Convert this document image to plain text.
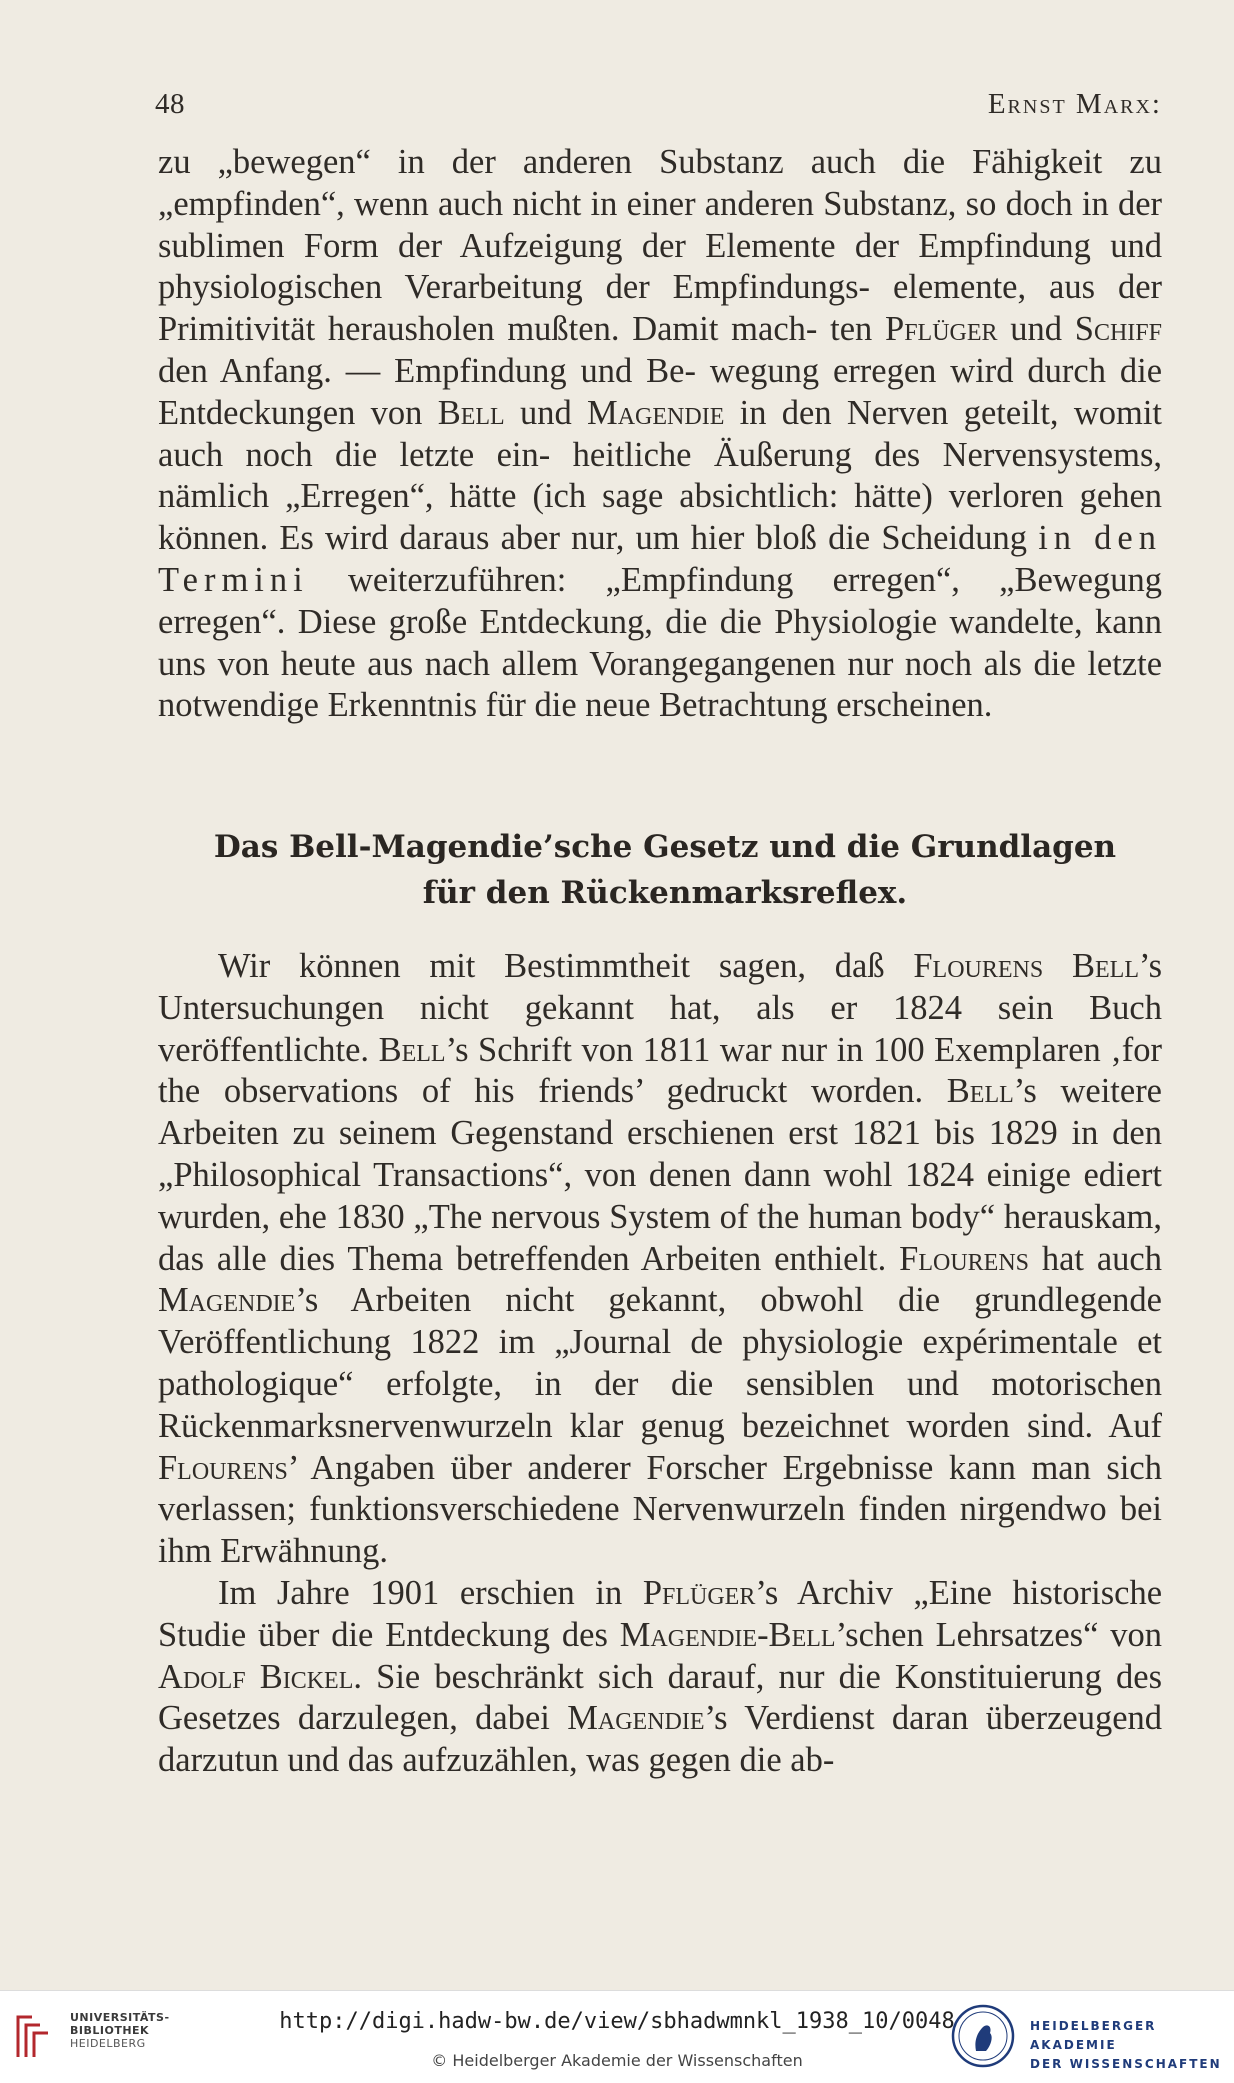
48	Ernst Marx:

zu „bewegen“ in der anderen Substanz auch die Fähigkeit zu „empfinden“, wenn auch nicht in einer anderen Substanz, so doch in der sublimen Form der Aufzeigung der Elemente der Empfindung und physiologischen Verarbeitung der Empfindungs- elemente, aus der Primitivität herausholen mußten. Damit mach- ten Pflüger und Schiff den Anfang. — Empfindung und Be- wegung erregen wird durch die Entdeckungen von Bell und Magendie in den Nerven geteilt, womit auch noch die letzte ein- heitliche Äußerung des Nervensystems, nämlich „Erregen“, hätte (ich sage absichtlich: hätte) verloren gehen können. Es wird daraus aber nur, um hier bloß die Scheidung in den Termini weiterzuführen: „Empfindung erregen“, „Bewegung erregen“. Diese große Entdeckung, die die Physiologie wandelte, kann uns von heute aus nach allem Vorangegangenen nur noch als die letzte notwendige Erkenntnis für die neue Betrachtung erscheinen.

Das Bell-Magendie’sche Gesetz und die Grundlagen
für den Rückenmarksreflex.

Wir können mit Bestimmtheit sagen, daß Flourens Bell’s Untersuchungen nicht gekannt hat, als er 1824 sein Buch veröffentlichte. Bell’s Schrift von 1811 war nur in 100 Exemplaren ‚for the observations of his friends’ gedruckt worden. Bell’s weitere Arbeiten zu seinem Gegenstand erschienen erst 1821 bis 1829 in den „Philosophical Transactions“, von denen dann wohl 1824 einige ediert wurden, ehe 1830 „The nervous System of the human body“ herauskam, das alle dies Thema betreffenden Arbeiten enthielt. Flourens hat auch Magendie’s Arbeiten nicht gekannt, obwohl die grundlegende Veröffentlichung 1822 im „Journal de physiologie expérimentale et pathologique“ erfolgte, in der die sensiblen und motorischen Rückenmarksnervenwurzeln klar genug bezeichnet worden sind. Auf Flourens’ Angaben über anderer Forscher Ergebnisse kann man sich verlassen; funktionsverschiedene Nervenwurzeln finden nirgendwo bei ihm Erwähnung.

Im Jahre 1901 erschien in Pflüger’s Archiv „Eine historische Studie über die Entdeckung des Magendie-Bell’schen Lehrsatzes“ von Adolf Bickel. Sie beschränkt sich darauf, nur die Konstituierung des Gesetzes darzulegen, dabei Magendie’s Verdienst daran überzeugend darzutun und das aufzuzählen, was gegen die ab-

UNIVERSITÄTS-
BIBLIOTHEK
HEIDELBERG
http://digi.hadw-bw.de/view/sbhadwmnkl_1938_10/0048
© Heidelberger Akademie der Wissenschaften
HEIDELBERGER AKADEMIE
DER WISSENSCHAFTEN
